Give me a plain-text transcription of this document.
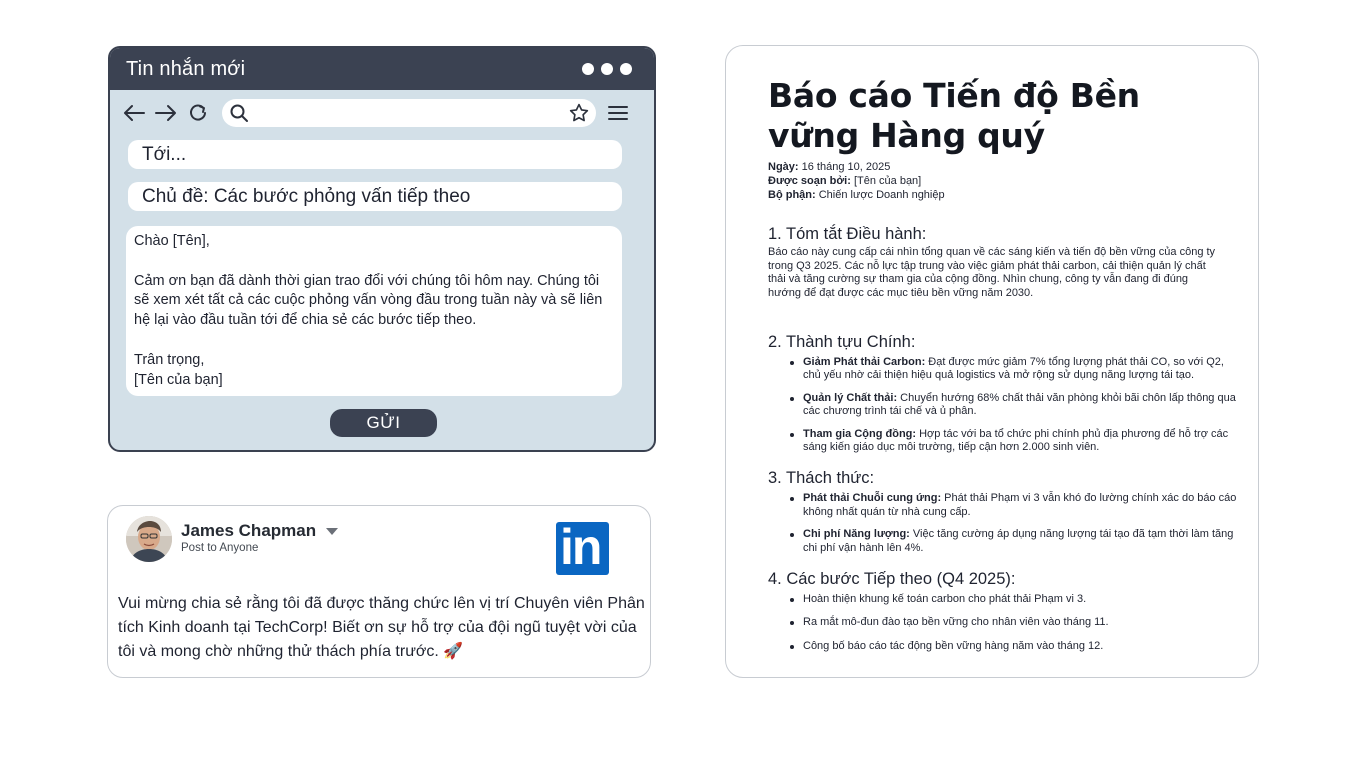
Tin nhắn mới
Tới...
Chủ đề: Các bước phỏng vấn tiếp theo

Chào [Tên],

Cảm ơn bạn đã dành thời gian trao đổi với chúng tôi hôm nay. Chúng tôi sẽ xem xét tất cả các cuộc phỏng vấn vòng đầu trong tuần này và sẽ liên hệ lại vào đầu tuần tới để chia sẻ các bước tiếp theo.

Trân trọng,
[Tên của bạn]

GỬI
James Chapman
Post to Anyone	in
Vui mừng chia sẻ rằng tôi đã được thăng chức lên vị trí Chuyên viên Phân tích Kinh doanh tại TechCorp! Biết ơn sự hỗ trợ của đội ngũ tuyệt vời của tôi và mong chờ những thử thách phía trước. 🚀
Báo cáo Tiến độ Bền vững Hàng quý
Ngày: 16 tháng 10, 2025
Được soạn bởi: [Tên của bạn]
Bộ phận: Chiến lược Doanh nghiệp
1. Tóm tắt Điều hành:
Báo cáo này cung cấp cái nhìn tổng quan về các sáng kiến và tiến độ bền vững của công ty trong Q3 2025. Các nỗ lực tập trung vào việc giảm phát thải carbon, cải thiện quản lý chất thải và tăng cường sự tham gia của cộng đồng. Nhìn chung, công ty vẫn đang đi đúng hướng để đạt được các mục tiêu bền vững năm 2030.
2. Thành tựu Chính:
Giảm Phát thải Carbon: Đạt được mức giảm 7% tổng lượng phát thải CO, so với Q2, chủ yếu nhờ cải thiện hiệu quả logistics và mở rộng sử dụng năng lượng tái tạo.
Quản lý Chất thải: Chuyển hướng 68% chất thải văn phòng khỏi bãi chôn lấp thông qua các chương trình tái chế và ủ phân.
Tham gia Cộng đồng: Hợp tác với ba tổ chức phi chính phủ địa phương để hỗ trợ các sáng kiến giáo dục môi trường, tiếp cận hơn 2.000 sinh viên.
3. Thách thức:
Phát thải Chuỗi cung ứng: Phát thải Phạm vi 3 vẫn khó đo lường chính xác do báo cáo không nhất quán từ nhà cung cấp.
Chi phí Năng lượng: Việc tăng cường áp dụng năng lượng tái tạo đã tạm thời làm tăng chi phí vận hành lên 4%.
4. Các bước Tiếp theo (Q4 2025):
Hoàn thiện khung kế toán carbon cho phát thải Phạm vi 3.
Ra mắt mô-đun đào tạo bền vững cho nhân viên vào tháng 11.
Công bố báo cáo tác động bền vững hàng năm vào tháng 12.
